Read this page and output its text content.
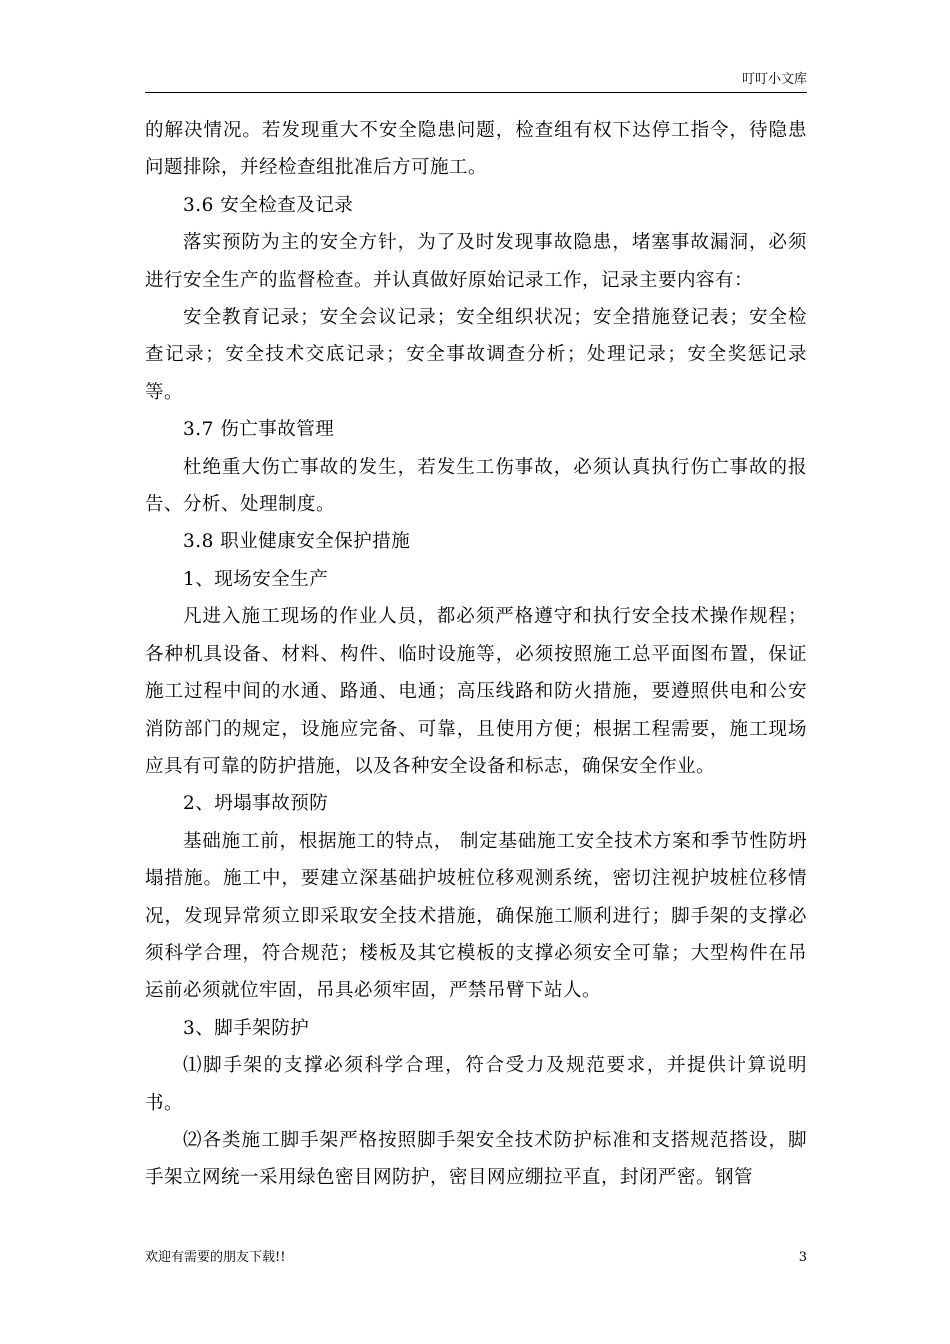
叮叮小文库

的解决情况。若发现重大不安全隐患问题，检查组有权下达停工指令，待隐患问题排除，并经检查组批准后方可施工。

3.6 安全检查及记录

落实预防为主的安全方针，为了及时发现事故隐患，堵塞事故漏洞，必须进行安全生产的监督检查。并认真做好原始记录工作，记录主要内容有：

安全教育记录；安全会议记录；安全组织状况；安全措施登记表；安全检查记录；安全技术交底记录；安全事故调查分析；处理记录；安全奖惩记录等。

3.7 伤亡事故管理

杜绝重大伤亡事故的发生，若发生工伤事故，必须认真执行伤亡事故的报告、分析、处理制度。

3.8 职业健康安全保护措施

1、现场安全生产

凡进入施工现场的作业人员，都必须严格遵守和执行安全技术操作规程；各种机具设备、材料、构件、临时设施等，必须按照施工总平面图布置，保证施工过程中间的水通、路通、电通；高压线路和防火措施，要遵照供电和公安消防部门的规定，设施应完备、可靠，且使用方便；根据工程需要，施工现场应具有可靠的防护措施，以及各种安全设备和标志，确保安全作业。

2、坍塌事故预防

基础施工前，根据施工的特点， 制定基础施工安全技术方案和季节性防坍塌措施。施工中，要建立深基础护坡桩位移观测系统，密切注视护坡桩位移情况，发现异常须立即采取安全技术措施，确保施工顺利进行；脚手架的支撑必须科学合理，符合规范；楼板及其它模板的支撑必须安全可靠；大型构件在吊运前必须就位牢固，吊具必须牢固，严禁吊臂下站人。

3、脚手架防护

⑴脚手架的支撑必须科学合理，符合受力及规范要求，并提供计算说明书。

⑵各类施工脚手架严格按照脚手架安全技术防护标准和支搭规范搭设，脚手架立网统一采用绿色密目网防护，密目网应绷拉平直，封闭严密。钢管

欢迎有需要的朋友下载!!	3
